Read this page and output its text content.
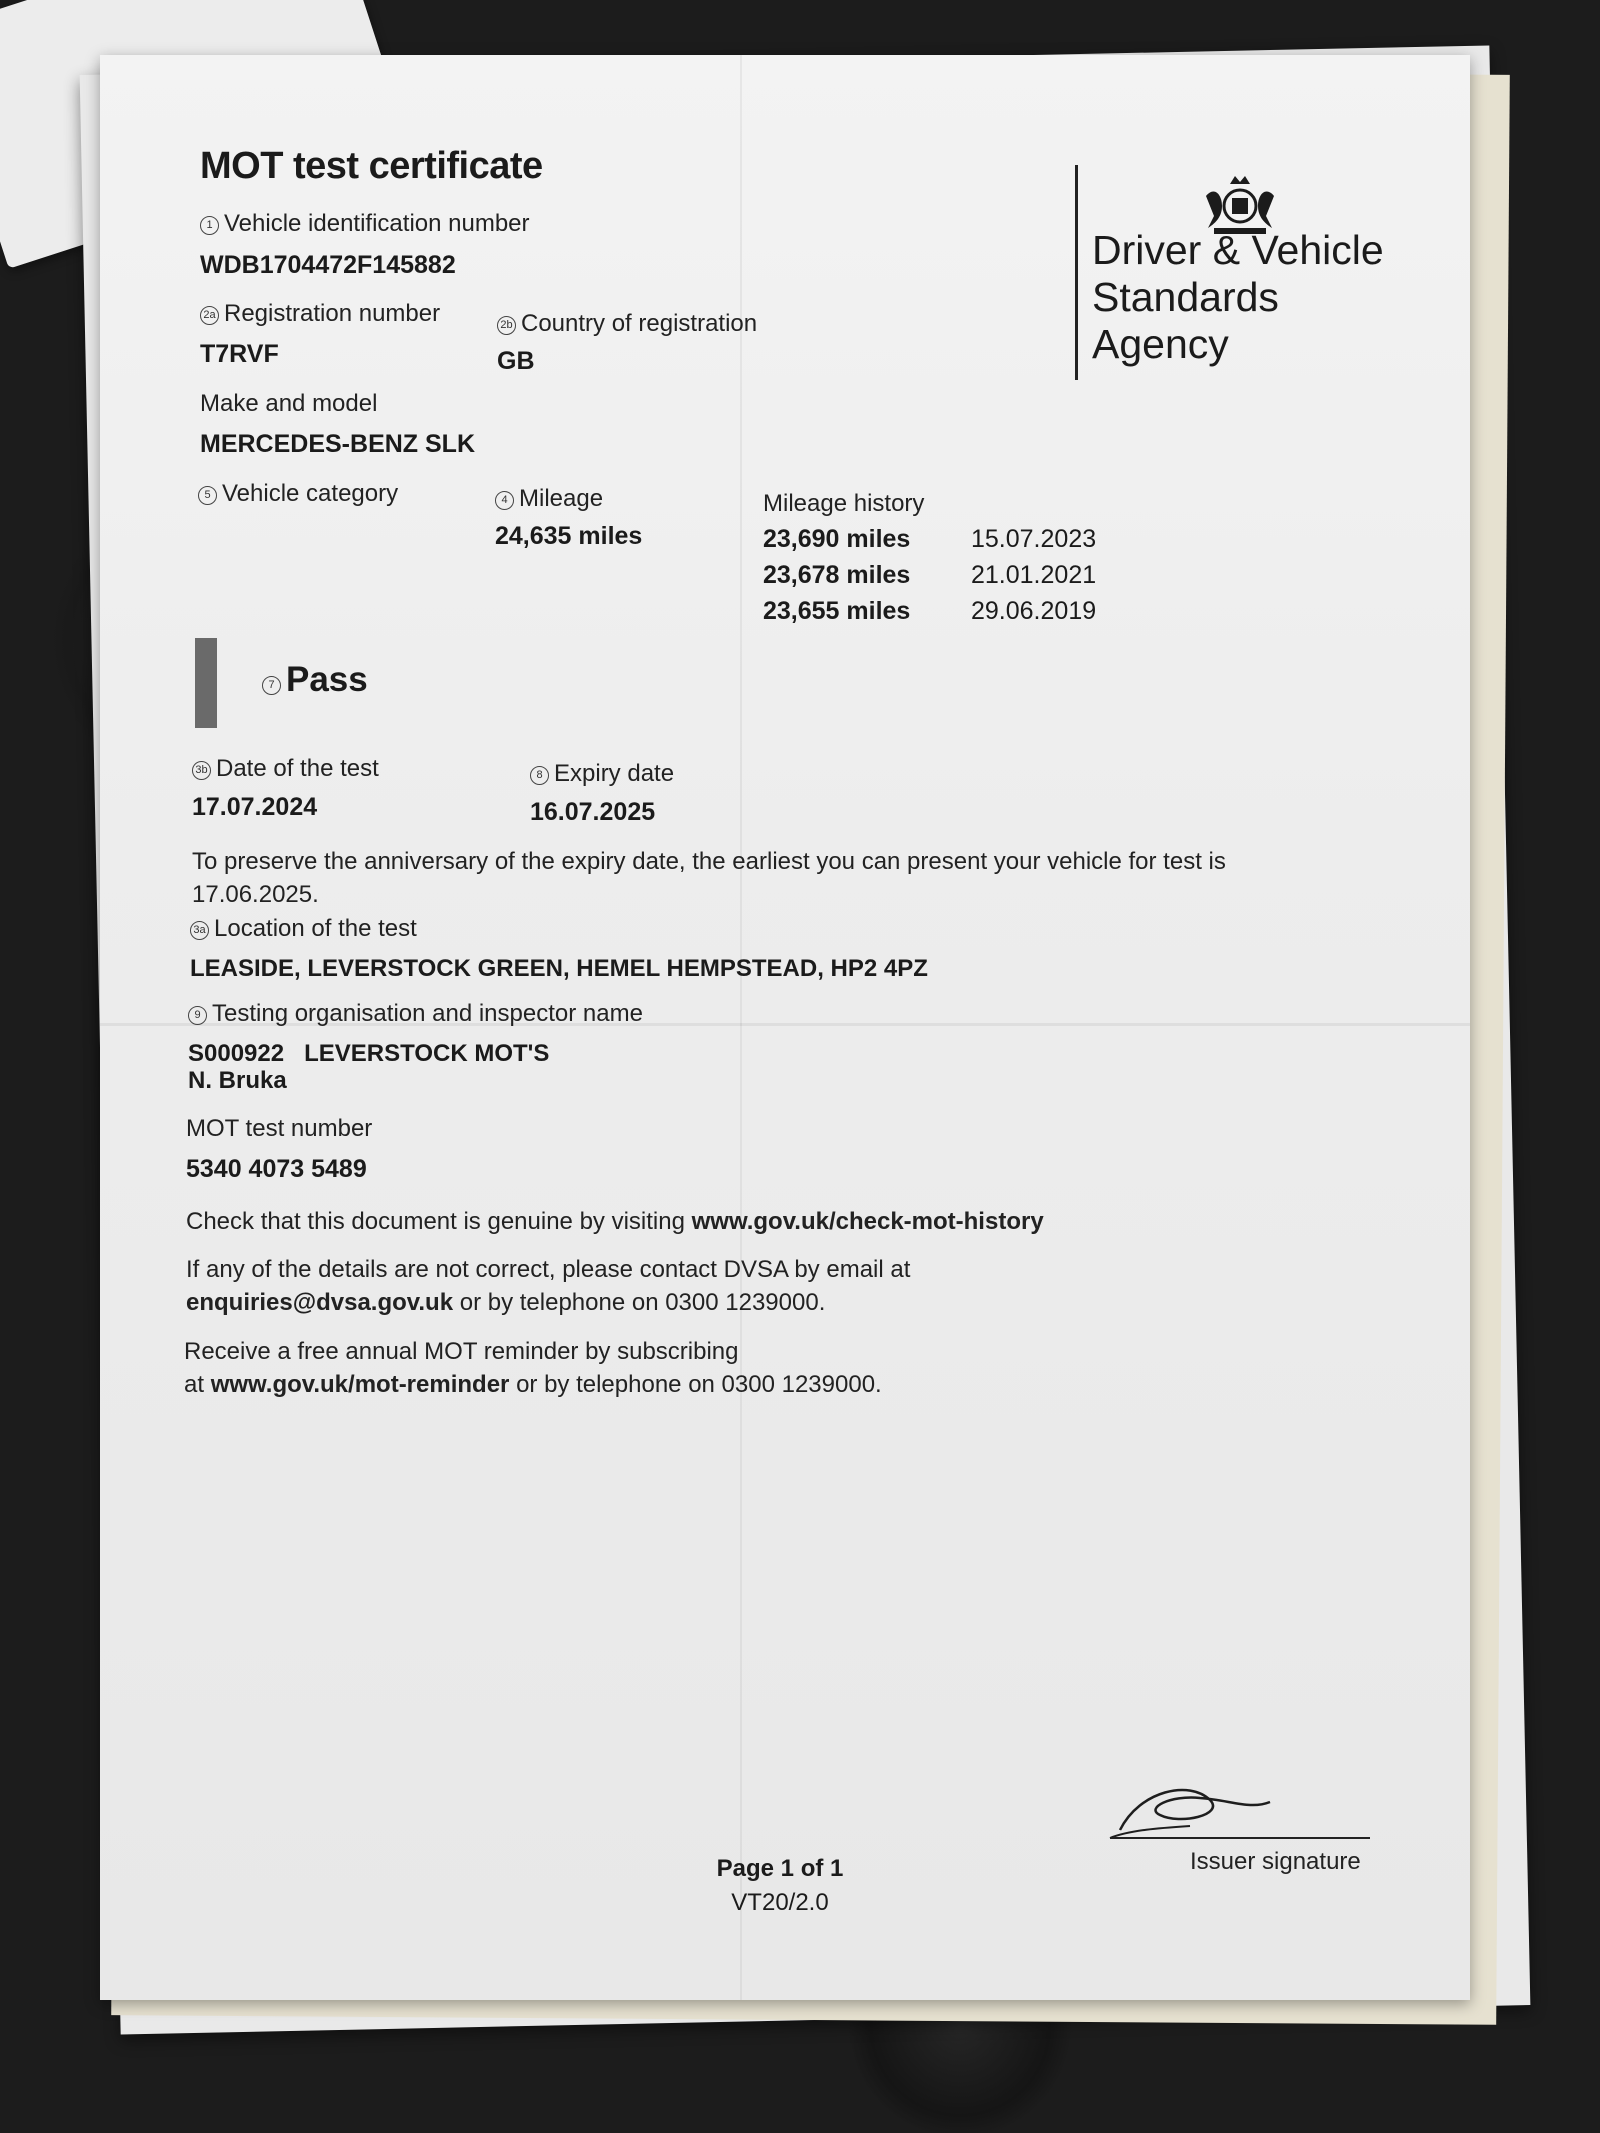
MOT test certificate
1 Vehicle identification number
WDB1704472F145882
2a Registration number
T7RVF
2b Country of registration
GB
Make and model
MERCEDES-BENZ SLK
5 Vehicle category	4 Mileage
24,635 miles
Mileage history
23,690 miles 15.07.2023
23,678 miles 21.01.2021
23,655 miles 29.06.2019
7 Pass
3b Date of the test
17.07.2024
8 Expiry date
16.07.2025
To preserve the anniversary of the expiry date, the earliest you can present your vehicle for test is
17.06.2025.
3a Location of the test
LEASIDE, LEVERSTOCK GREEN, HEMEL HEMPSTEAD, HP2 4PZ
9 Testing organisation and inspector name
S000922 LEVERSTOCK MOT'S
N. Bruka
MOT test number
5340 4073 5489
Check that this document is genuine by visiting www.gov.uk/check-mot-history
If any of the details are not correct, please contact DVSA by email at
enquiries@dvsa.gov.uk or by telephone on 0300 1239000.
Receive a free annual MOT reminder by subscribing
at www.gov.uk/mot-reminder or by telephone on 0300 1239000.
Page 1 of 1
VT20/2.0
Issuer signature
Driver & Vehicle
Standards
Agency
